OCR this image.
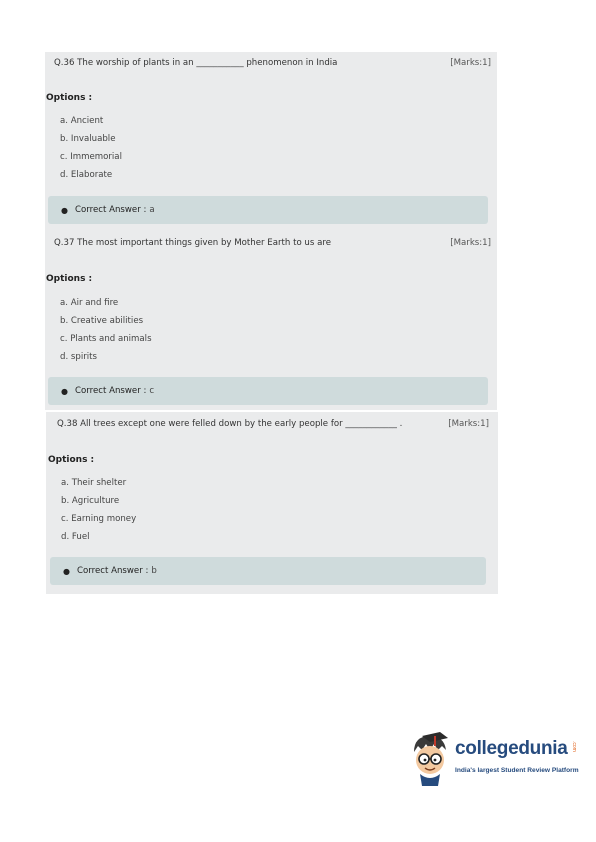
Q.36 The worship of plants in an ___________ phenomenon in India	[Marks:1]
Options :
a. Ancient
b. Invaluable
c. Immemorial
d. Elaborate
● Correct Answer : a
Q.37 The most important things given by Mother Earth to us are	[Marks:1]
Options :
a. Air and fire
b. Creative abilities
c. Plants and animals
d. spirits
● Correct Answer : c
Q.38 All trees except one were felled down by the early people for ____________ .	[Marks:1]
Options :
a. Their shelter
b. Agriculture
c. Earning money
d. Fuel
● Correct Answer : b
collegedunia .com
India's largest Student Review Platform
